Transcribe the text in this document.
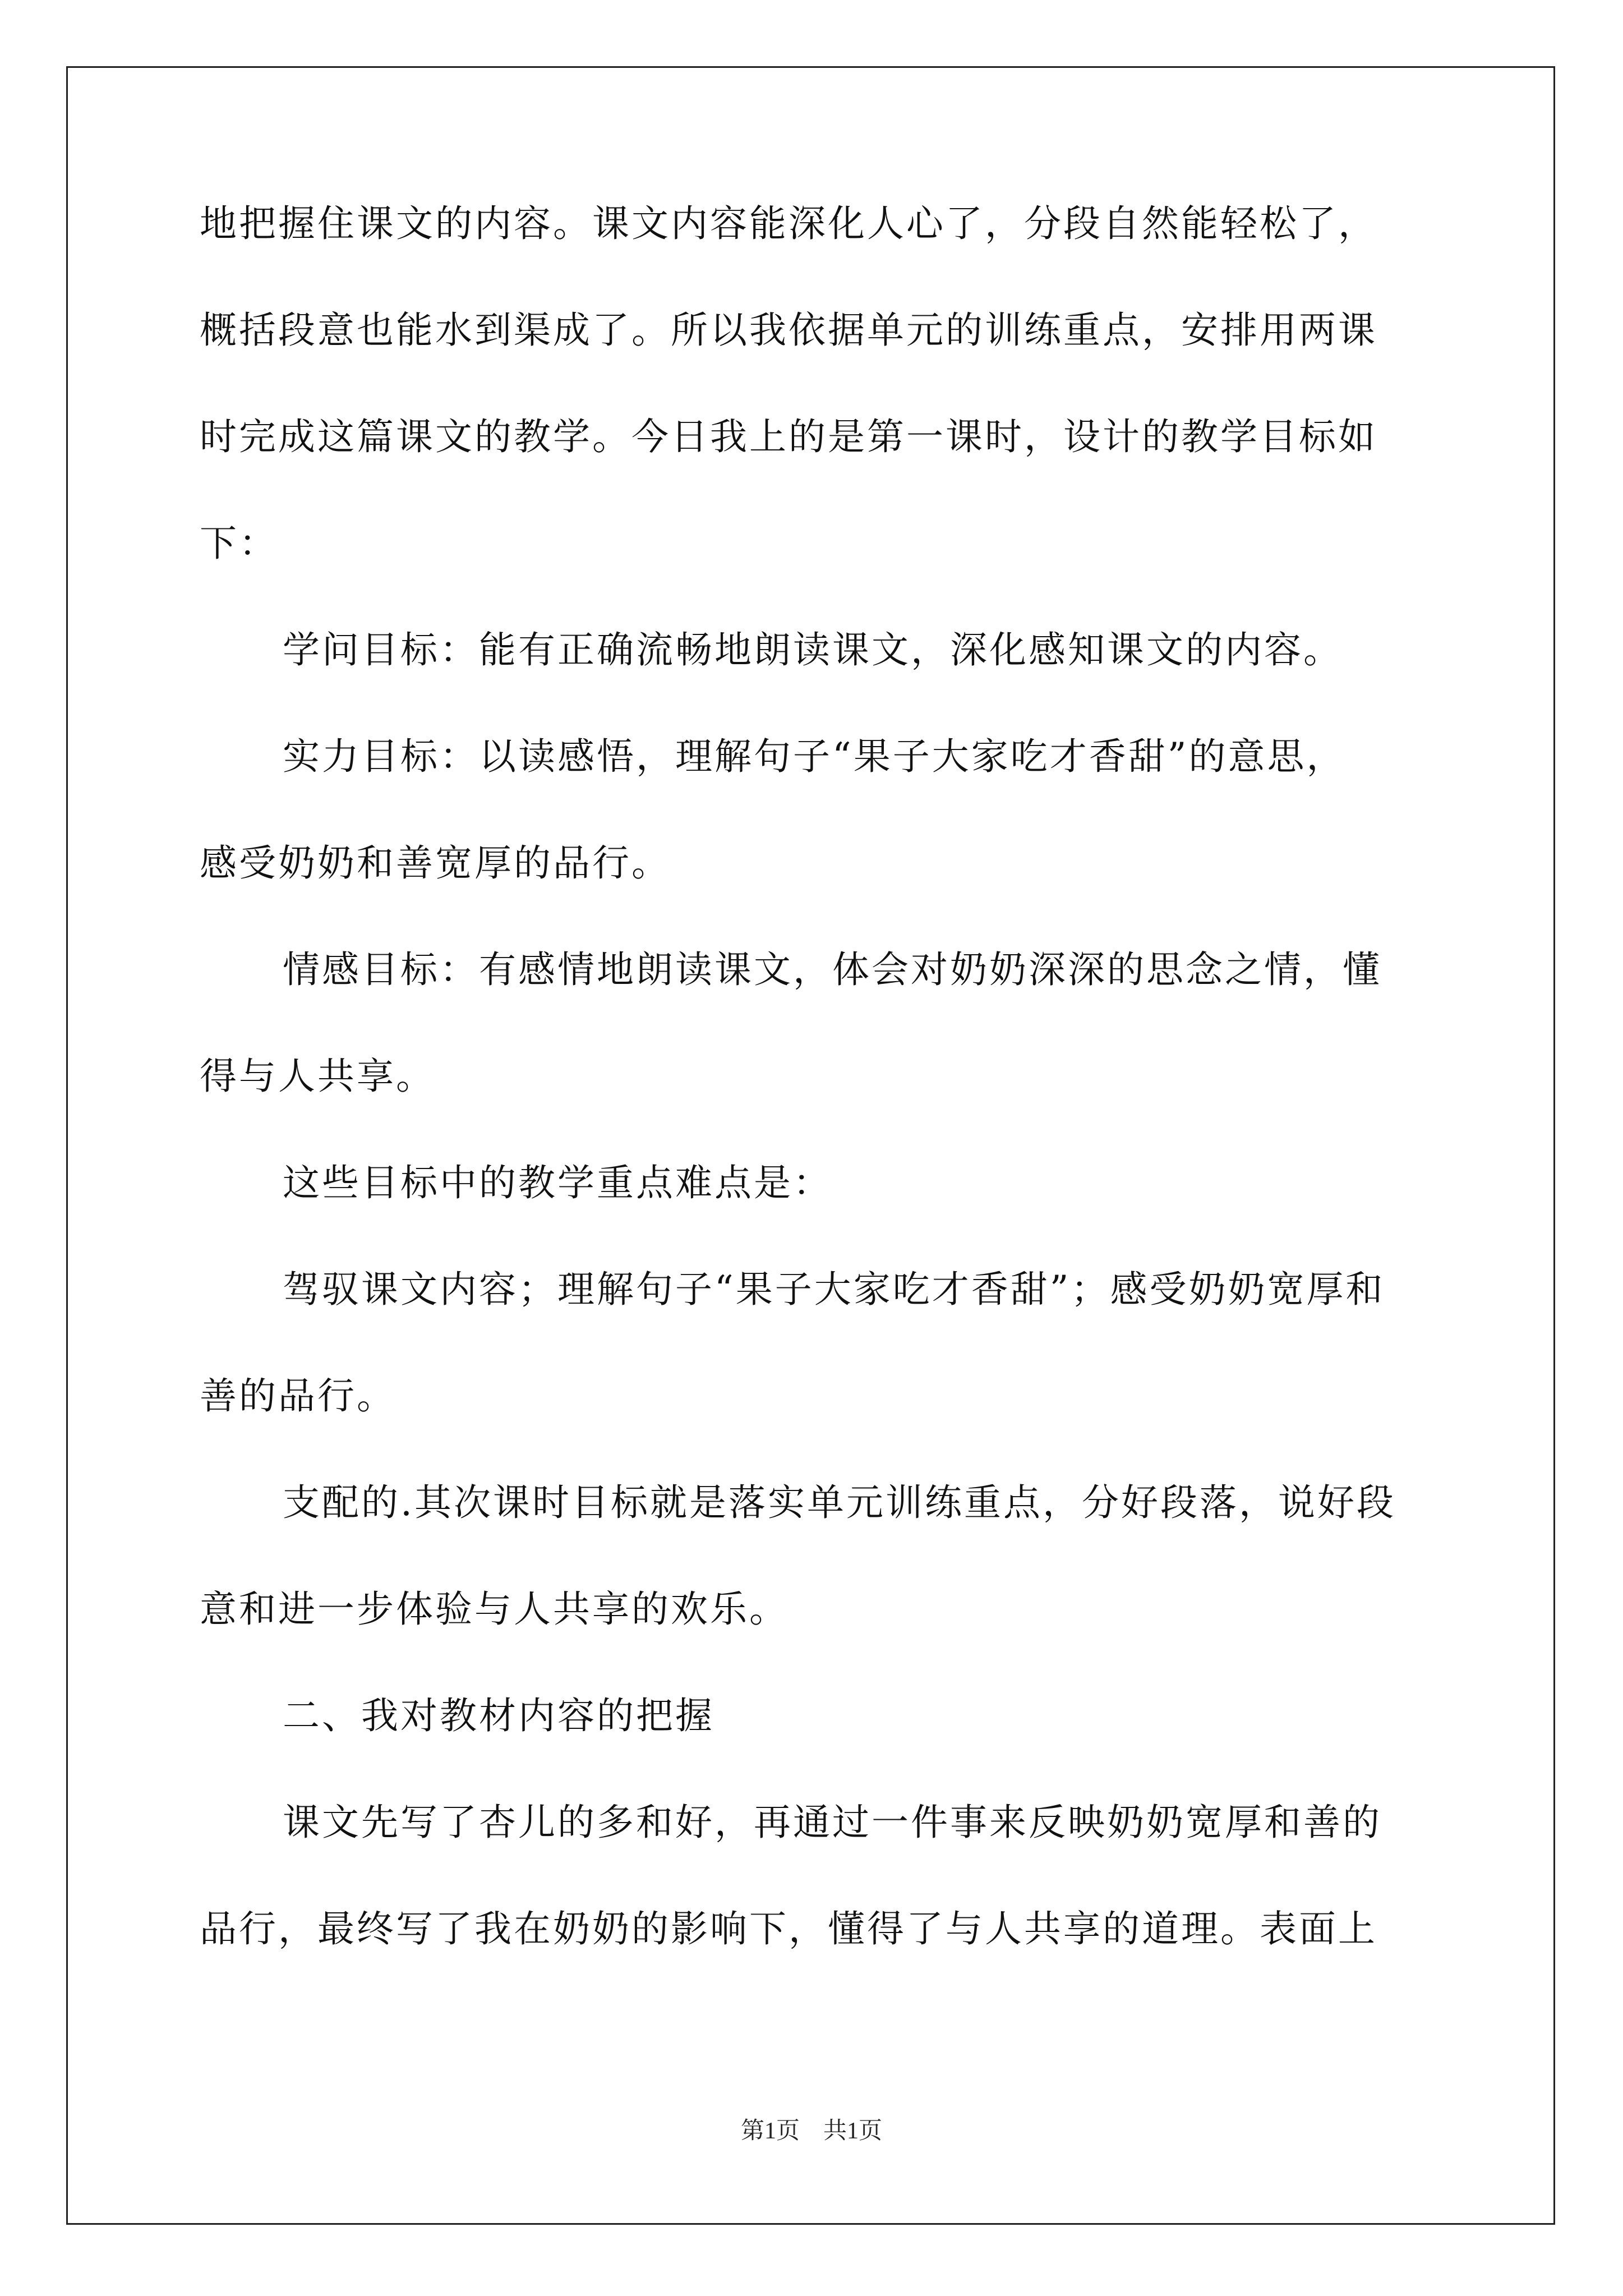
地把握住课文的内容。课文内容能深化人心了，分段自然能轻松了，
概括段意也能水到渠成了。所以我依据单元的训练重点，安排用两课
时完成这篇课文的教学。今日我上的是第一课时，设计的教学目标如
下：
学问目标：能有正确流畅地朗读课文，深化感知课文的内容。
实力目标：以读感悟，理解句子“果子大家吃才香甜”的意思，
感受奶奶和善宽厚的品行。
情感目标：有感情地朗读课文，体会对奶奶深深的思念之情，懂
得与人共享。
这些目标中的教学重点难点是：
驾驭课文内容；理解句子“果子大家吃才香甜”；感受奶奶宽厚和
善的品行。
支配的.其次课时目标就是落实单元训练重点，分好段落，说好段
意和进一步体验与人共享的欢乐。
二、我对教材内容的把握
课文先写了杏儿的多和好，再通过一件事来反映奶奶宽厚和善的
品行，最终写了我在奶奶的影响下，懂得了与人共享的道理。表面上
第1页　共1页
